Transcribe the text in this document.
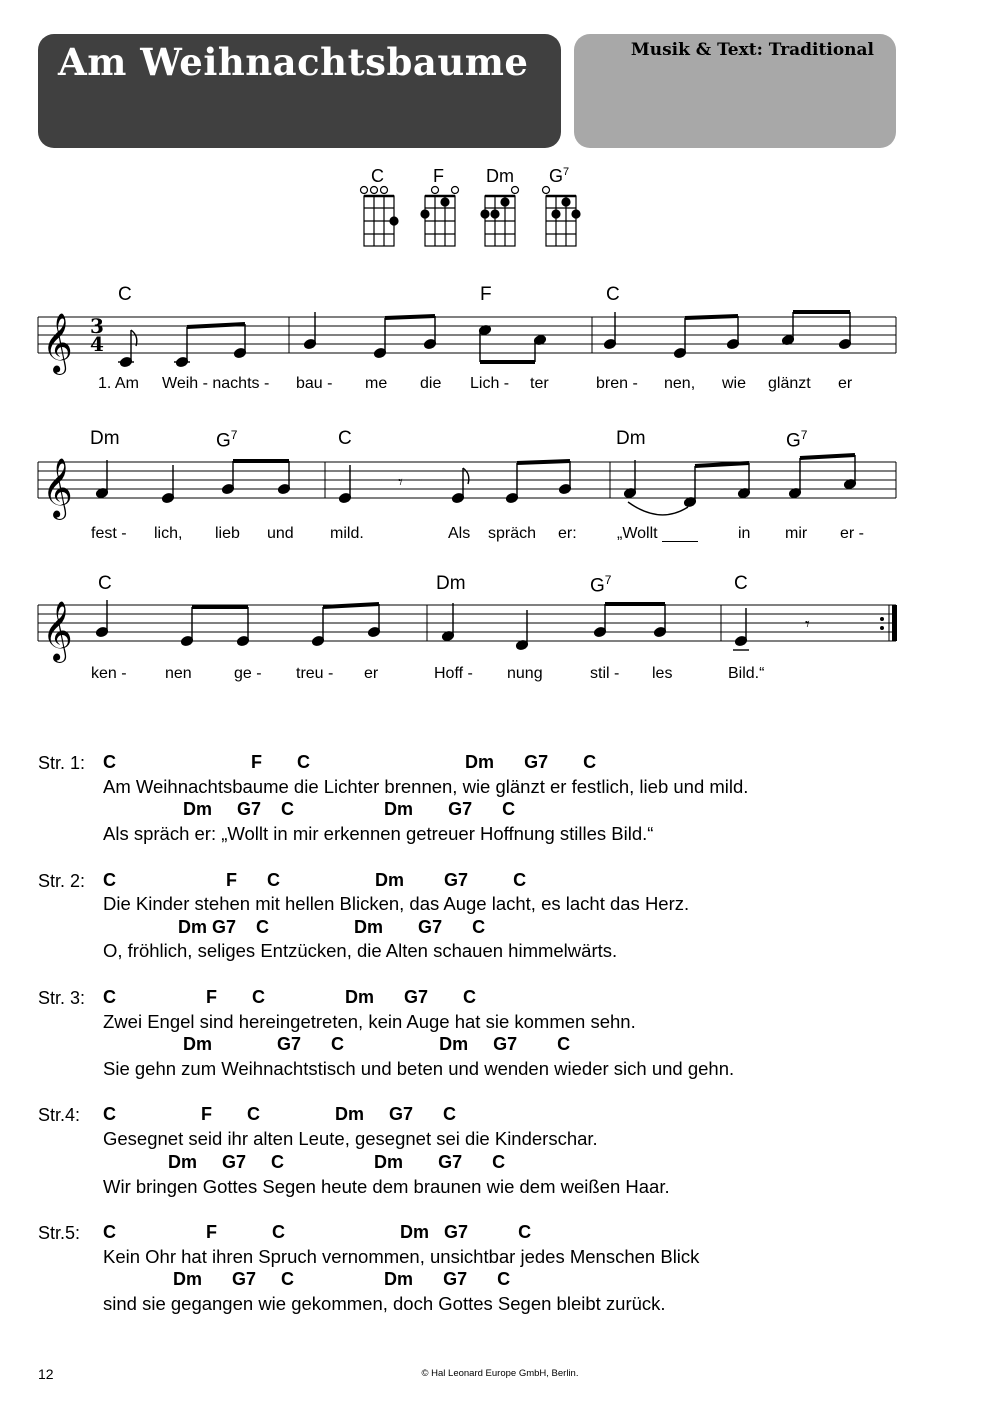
Am Weihnachtsbaume	Musik & Text: Traditional
C	F Dm $G^7$
𝄞 3
4
𝄞	𝄾
𝄞	𝄾
C	F	C
Dm	$G^7$	C	Dm	$G^7$
C	Dm	$G^7$	C
1. Am Weih - nachts - bau - me die Lich - ter	bren - nen, wie glänzt er
fest - lich, lieb und mild.	Als spräch er:	„Wollt	in mir er -
ken - nen	ge - treu - er	Hoff - nung	stil - les	Bild.“
Str. 1: C                           F       C                               Dm      G7       C
Am Weihnachtsbaume die Lichter brennen, wie glänzt er festlich, lieb und mild.
Dm     G7    C                  Dm       G7      C
Als spräch er: „Wollt in mir erkennen getreuer Hoffnung stilles Bild.“
Str. 2: C                      F      C                   Dm        G7         C
Die Kinder stehen mit hellen Blicken, das Auge lacht, es lacht das Herz.
Dm G7    C                 Dm       G7      C
O, fröhlich, seliges Entzücken, die Alten schauen himmelwärts.
Str. 3: C                  F       C                Dm      G7       C
Zwei Engel sind hereingetreten, kein Auge hat sie kommen sehn.
Dm             G7      C                   Dm     G7        C
Sie gehn zum Weihnachtstisch und beten und wenden wieder sich und gehn.
Str.4: C                 F       C               Dm     G7      C
Gesegnet seid ihr alten Leute, gesegnet sei die Kinderschar.
Dm     G7     C                  Dm       G7      C
Wir bringen Gottes Segen heute dem braunen wie dem weißen Haar.
Str.5: C                  F           C                       Dm   G7          C
Kein Ohr hat ihren Spruch vernommen, unsichtbar jedes Menschen Blick
Dm      G7     C                  Dm      G7      C
sind sie gegangen wie gekommen, doch Gottes Segen bleibt zurück.
12	© Hal Leonard Europe GmbH, Berlin.
